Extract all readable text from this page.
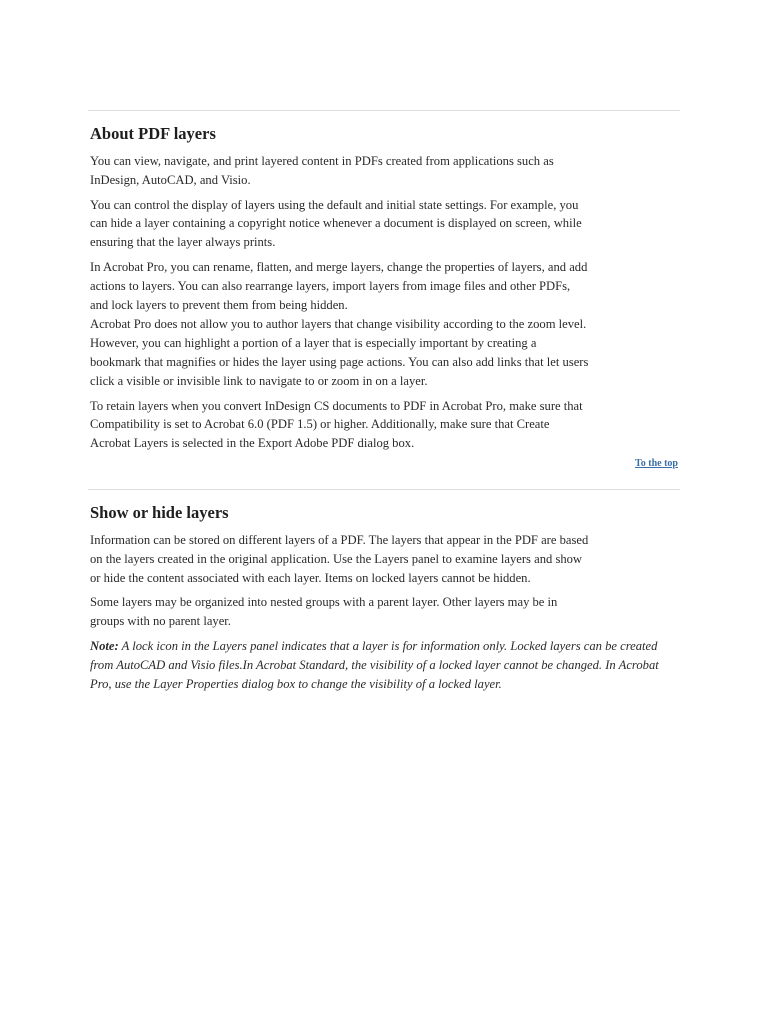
About PDF layers

You can view, navigate, and print layered content in PDFs created from applications such as InDesign, AutoCAD, and Visio.

You can control the display of layers using the default and initial state settings. For example, you can hide a layer containing a copyright notice whenever a document is displayed on screen, while ensuring that the layer always prints.

In Acrobat Pro, you can rename, flatten, and merge layers, change the properties of layers, and add actions to layers. You can also rearrange layers, import layers from image files and other PDFs, and lock layers to prevent them from being hidden.

Acrobat Pro does not allow you to author layers that change visibility according to the zoom level. However, you can highlight a portion of a layer that is especially important by creating a bookmark that magnifies or hides the layer using page actions. You can also add links that let users click a visible or invisible link to navigate to or zoom in on a layer.

To retain layers when you convert InDesign CS documents to PDF in Acrobat Pro, make sure that Compatibility is set to Acrobat 6.0 (PDF 1.5) or higher. Additionally, make sure that Create Acrobat Layers is selected in the Export Adobe PDF dialog box.

To the top
Show or hide layers

Information can be stored on different layers of a PDF. The layers that appear in the PDF are based on the layers created in the original application. Use the Layers panel to examine layers and show or hide the content associated with each layer. Items on locked layers cannot be hidden.

Some layers may be organized into nested groups with a parent layer. Other layers may be in groups with no parent layer.

Note: A lock icon in the Layers panel indicates that a layer is for information only. Locked layers can be created from AutoCAD and Visio files.In Acrobat Standard, the visibility of a locked layer cannot be changed. In Acrobat Pro, use the Layer Properties dialog box to change the visibility of a locked layer.
